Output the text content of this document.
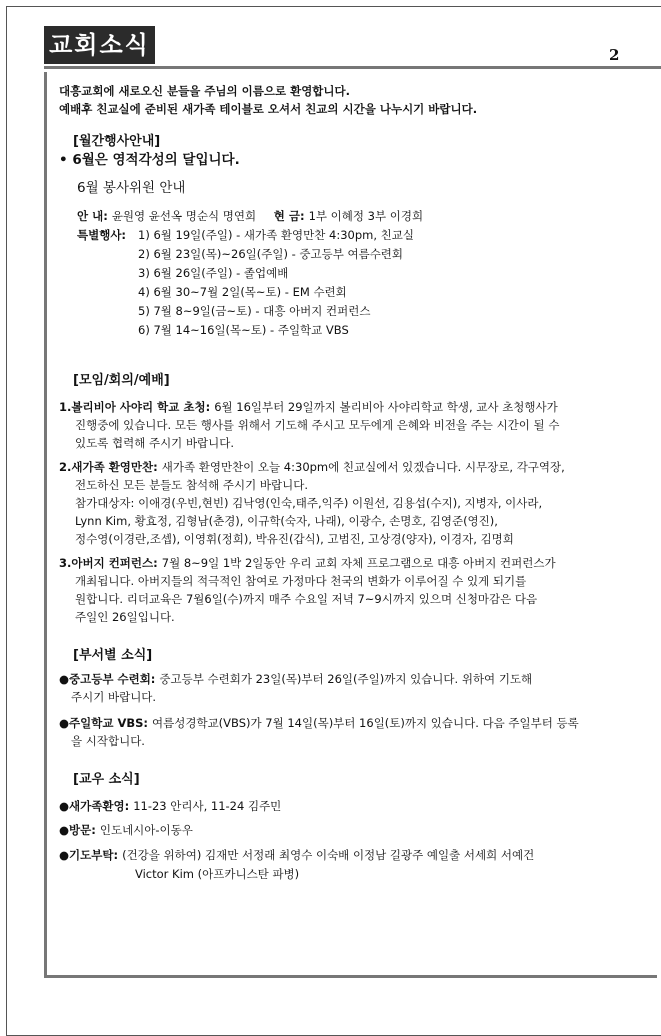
교회소식	2
대흥교회에 새로오신 분들을 주님의 이름으로 환영합니다.
예배후 친교실에 준비된 새가족 테이블로 오셔서 친교의 시간을 나누시기 바랍니다.
[월간행사안내]
• 6월은 영적각성의 달입니다.
6월 봉사위원 안내
안 내: 윤원영 윤선옥 명순식 명연희 현 금: 1부 이혜정 3부 이경희
특별행사: 1) 6월 19일(주일) - 새가족 환영만찬 4:30pm, 친교실
2) 6월 23일(목)~26일(주일) - 중고등부 여름수련회
3) 6월 26일(주일) - 졸업예배
4) 6월 30~7월 2일(목~토) - EM 수련회
5) 7월 8~9일(금~토) - 대흥 아버지 컨퍼런스
6) 7월 14~16일(목~토) - 주일학교 VBS
[모임/회의/예배]
1.볼리비아 사야리 학교 초청: 6월 16일부터 29일까지 볼리비아 사야리학교 학생, 교사 초청행사가
진행중에 있습니다. 모든 행사를 위해서 기도해 주시고 모두에게 은혜와 비전을 주는 시간이 될 수
있도록 협력해 주시기 바랍니다.
2.새가족 환영만찬: 새가족 환영만찬이 오늘 4:30pm에 친교실에서 있겠습니다. 시무장로, 각구역장,
전도하신 모든 분들도 참석해 주시기 바랍니다.
참가대상자: 이애경(우빈,현빈) 김낙영(인숙,태주,익주) 이원선, 김용섭(수지), 지병자, 이사라,
Lynn Kim, 황효정, 김형남(춘경), 이규학(숙자, 나래), 이광수, 손명호, 김영준(영진),
정수영(이경란,조셉), 이영휘(정희), 박유진(갑식), 고범진, 고상경(양자), 이경자, 김명희
3.아버지 컨퍼런스: 7월 8~9일 1박 2일동안 우리 교회 자체 프로그램으로 대흥 아버지 컨퍼런스가
개최됩니다. 아버지들의 적극적인 참여로 가정마다 천국의 변화가 이루어질 수 있게 되기를
원합니다. 리더교육은 7월6일(수)까지 매주 수요일 저녁 7~9시까지 있으며 신청마감은 다음
주일인 26일입니다.
[부서별 소식]
●중고등부 수련회: 중고등부 수련회가 23일(목)부터 26일(주일)까지 있습니다. 위하여 기도해
주시기 바랍니다.
●주일학교 VBS: 여름성경학교(VBS)가 7월 14일(목)부터 16일(토)까지 있습니다. 다음 주일부터 등록
을 시작합니다.
[교우 소식]
●새가족환영: 11-23 안리사, 11-24 김주민
●방문: 인도네시아-이동우
●기도부탁: (건강을 위하여) 김재만 서정래 최영수 이숙배 이정남 길광주 예일출 서세희 서예건
Victor Kim (아프카니스탄 파병)
